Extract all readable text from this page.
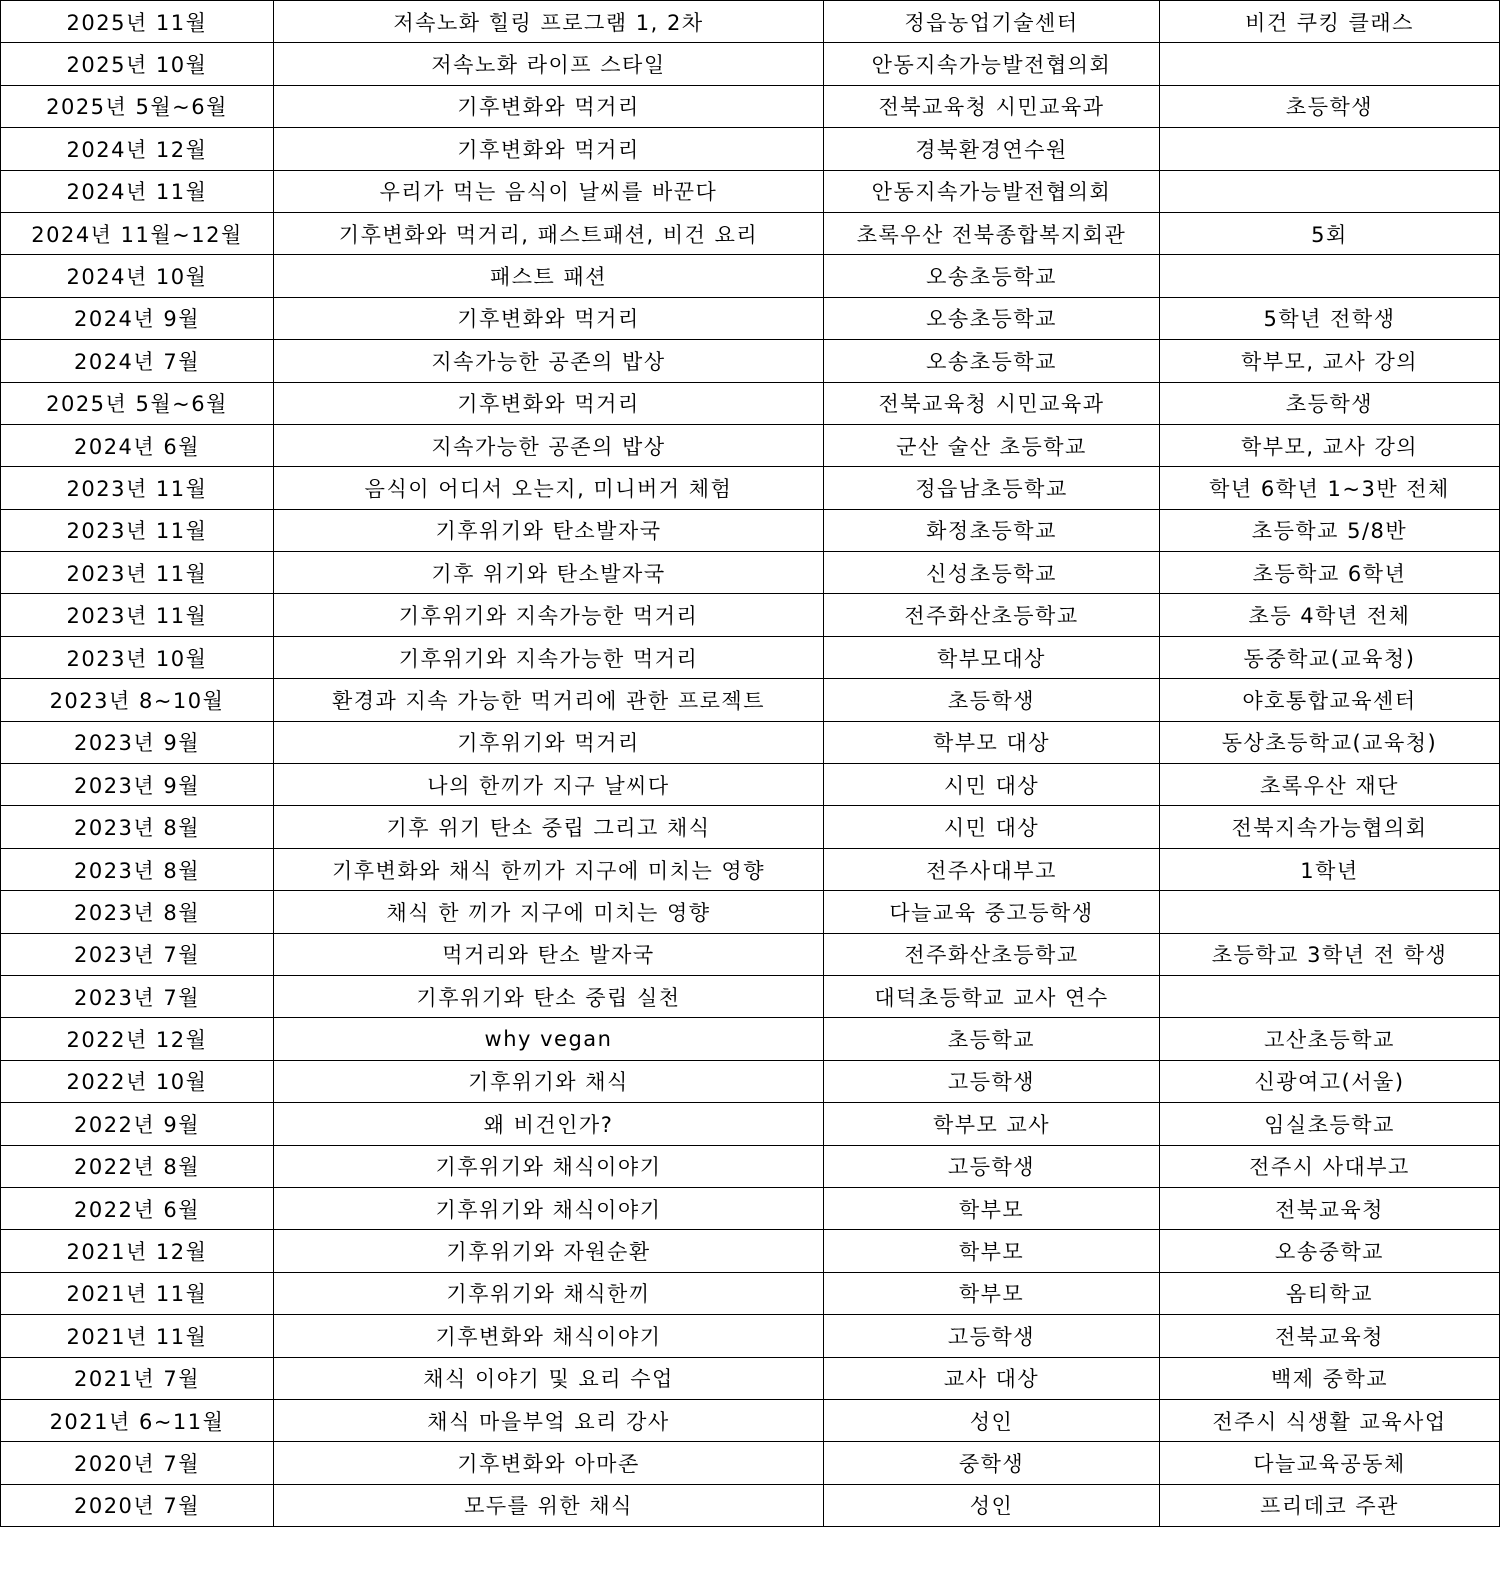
2025년 11월	저속노화 힐링 프로그램 1, 2차	정읍농업기술센터	비건 쿠킹 클래스
2025년 10월	저속노화 라이프 스타일	안동지속가능발전협의회	
2025년 5월~6월	기후변화와 먹거리	전북교육청 시민교육과	초등학생
2024년 12월	기후변화와 먹거리	경북환경연수원	
2024년 11월	우리가 먹는 음식이 날씨를 바꾼다	안동지속가능발전협의회	
2024년 11월~12월	기후변화와 먹거리, 패스트패션, 비건 요리	초록우산 전북종합복지회관	5회
2024년 10월	패스트 패션	오송초등학교	
2024년 9월	기후변화와 먹거리	오송초등학교	5학년 전학생
2024년 7월	지속가능한 공존의 밥상	오송초등학교	학부모, 교사 강의
2025년 5월~6월	기후변화와 먹거리	전북교육청 시민교육과	초등학생
2024년 6월	지속가능한 공존의 밥상	군산 술산 초등학교	학부모, 교사 강의
2023년 11월	음식이 어디서 오는지, 미니버거 체험	정읍남초등학교	학년 6학년 1~3반 전체
2023년 11월	기후위기와 탄소발자국	화정초등학교	초등학교 5/8반
2023년 11월	기후 위기와 탄소발자국	신성초등학교	초등학교 6학년
2023년 11월	기후위기와 지속가능한 먹거리	전주화산초등학교	초등 4학년 전체
2023년 10월	기후위기와 지속가능한 먹거리	학부모대상	동중학교(교육청)
2023년 8~10월	환경과 지속 가능한 먹거리에 관한 프로젝트	초등학생	야호통합교육센터
2023년 9월	기후위기와 먹거리	학부모 대상	동상초등학교(교육청)
2023년 9월	나의 한끼가 지구 날씨다	시민 대상	초록우산 재단
2023년 8월	기후 위기 탄소 중립 그리고 채식	시민 대상	전북지속가능협의회
2023년 8월	기후변화와 채식 한끼가 지구에 미치는 영향	전주사대부고	1학년
2023년 8월	채식 한 끼가 지구에 미치는 영향	다늘교육 중고등학생	
2023년 7월	먹거리와 탄소 발자국	전주화산초등학교	초등학교 3학년 전 학생
2023년 7월	기후위기와 탄소 중립 실천	대덕초등학교 교사 연수	
2022년 12월	why vegan	초등학교	고산초등학교
2022년 10월	기후위기와 채식	고등학생	신광여고(서울)
2022년 9월	왜 비건인가?	학부모 교사	임실초등학교
2022년 8월	기후위기와 채식이야기	고등학생	전주시 사대부고
2022년 6월	기후위기와 채식이야기	학부모	전북교육청
2021년 12월	기후위기와 자원순환	학부모	오송중학교
2021년 11월	기후위기와 채식한끼	학부모	옴티학교
2021년 11월	기후변화와 채식이야기	고등학생	전북교육청
2021년 7월	채식 이야기 및 요리 수업	교사 대상	백제 중학교
2021년 6~11월	채식 마을부엌 요리 강사	성인	전주시 식생활 교육사업
2020년 7월	기후변화와 아마존	중학생	다늘교육공동체
2020년 7월	모두를 위한 채식	성인	프리데코 주관
